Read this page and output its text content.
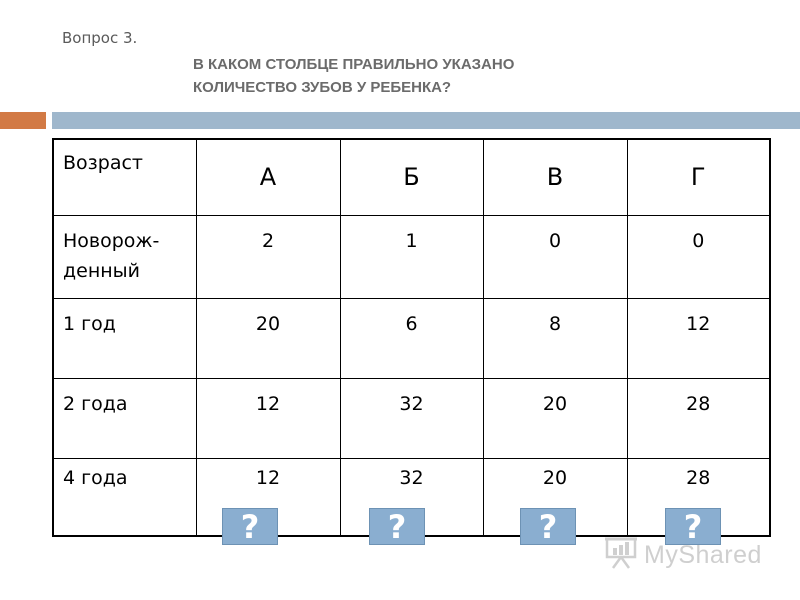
Вопрос 3.
В КАКОМ СТОЛБЦЕ ПРАВИЛЬНО УКАЗАНО
КОЛИЧЕСТВО ЗУБОВ У РЕБЕНКА?
Возраст	А	Б	В	Г

Новорож-
денный	2	1	0	0
1 год	20	6	8	12
2 года	12	32	20	28
4 года	12	32	20	28
?	?	?	?
MyShared
